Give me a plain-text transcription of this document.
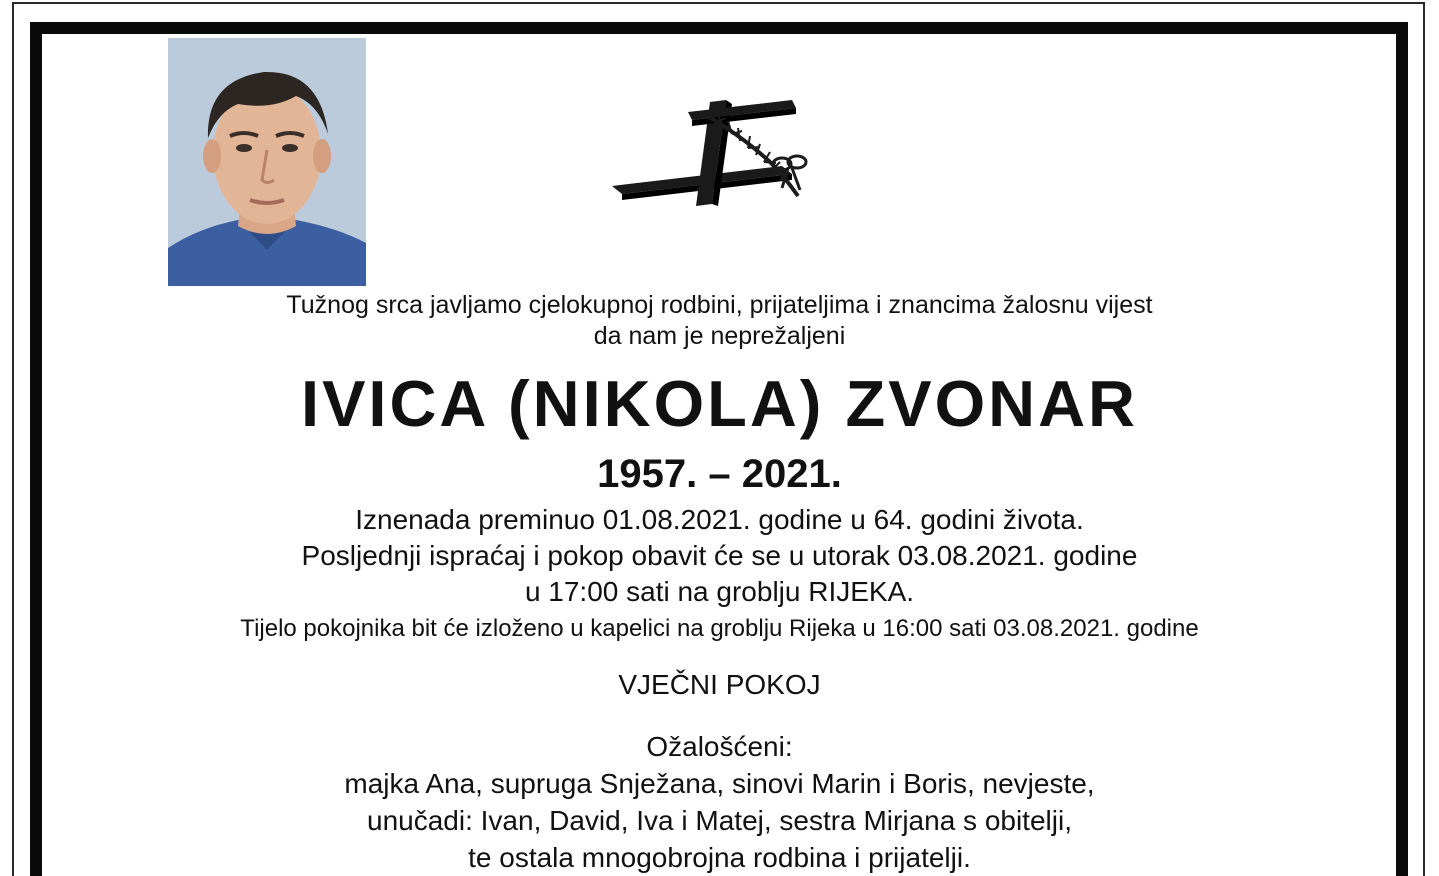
Tužnog srca javljamo cjelokupnoj rodbini, prijateljima i znancima žalosnu vijest
da nam je neprežaljeni
IVICA (NIKOLA) ZVONAR
1957. – 2021.
Iznenada preminuo 01.08.2021. godine u 64. godini života.
Posljednji ispraćaj i pokop obavit će se u utorak 03.08.2021. godine
u 17:00 sati na groblju RIJEKA.
Tijelo pokojnika bit će izloženo u kapelici na groblju Rijeka u 16:00 sati 03.08.2021. godine
VJEČNI POKOJ
Ožalošćeni:
majka Ana, supruga Snježana, sinovi Marin i Boris, nevjeste,
unučadi: Ivan, David, Iva i Matej, sestra Mirjana s obitelji,
te ostala mnogobrojna rodbina i prijatelji.
